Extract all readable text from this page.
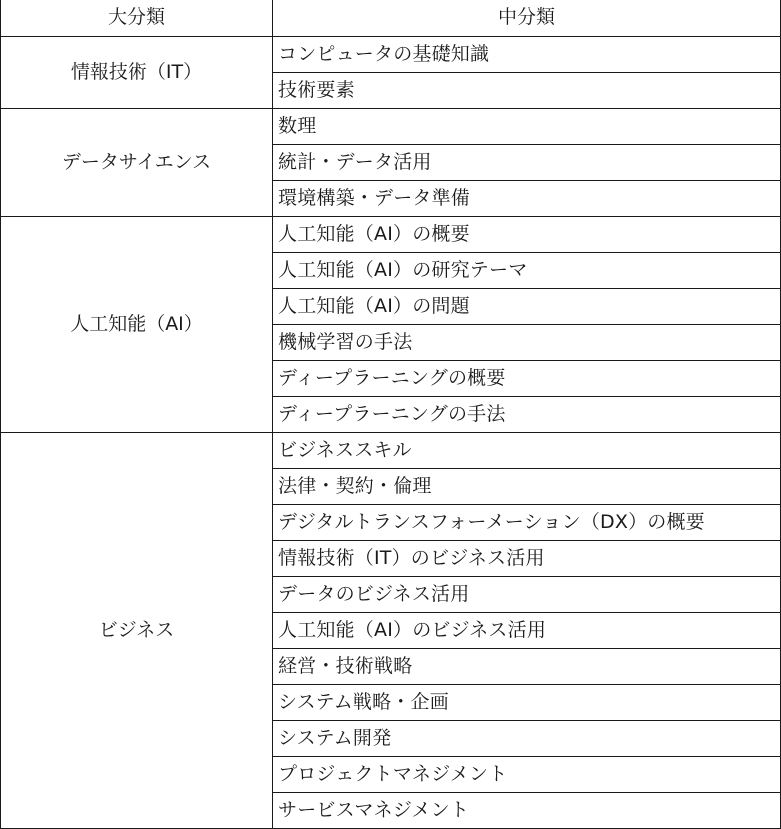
大分類	中分類
情報技術（IT）	コンピュータの基礎知識
	技術要素
データサイエンス	数理
	統計・データ活用
	環境構築・データ準備
人工知能（AI）	人工知能（AI）の概要
	人工知能（AI）の研究テーマ
	人工知能（AI）の問題
	機械学習の手法
	ディープラーニングの概要
	ディープラーニングの手法
ビジネス	ビジネススキル
	法律・契約・倫理
	デジタルトランスフォーメーション（DX）の概要
	情報技術（IT）のビジネス活用
	データのビジネス活用
	人工知能（AI）のビジネス活用
	経営・技術戦略
	システム戦略・企画
	システム開発
	プロジェクトマネジメント
	サービスマネジメント
